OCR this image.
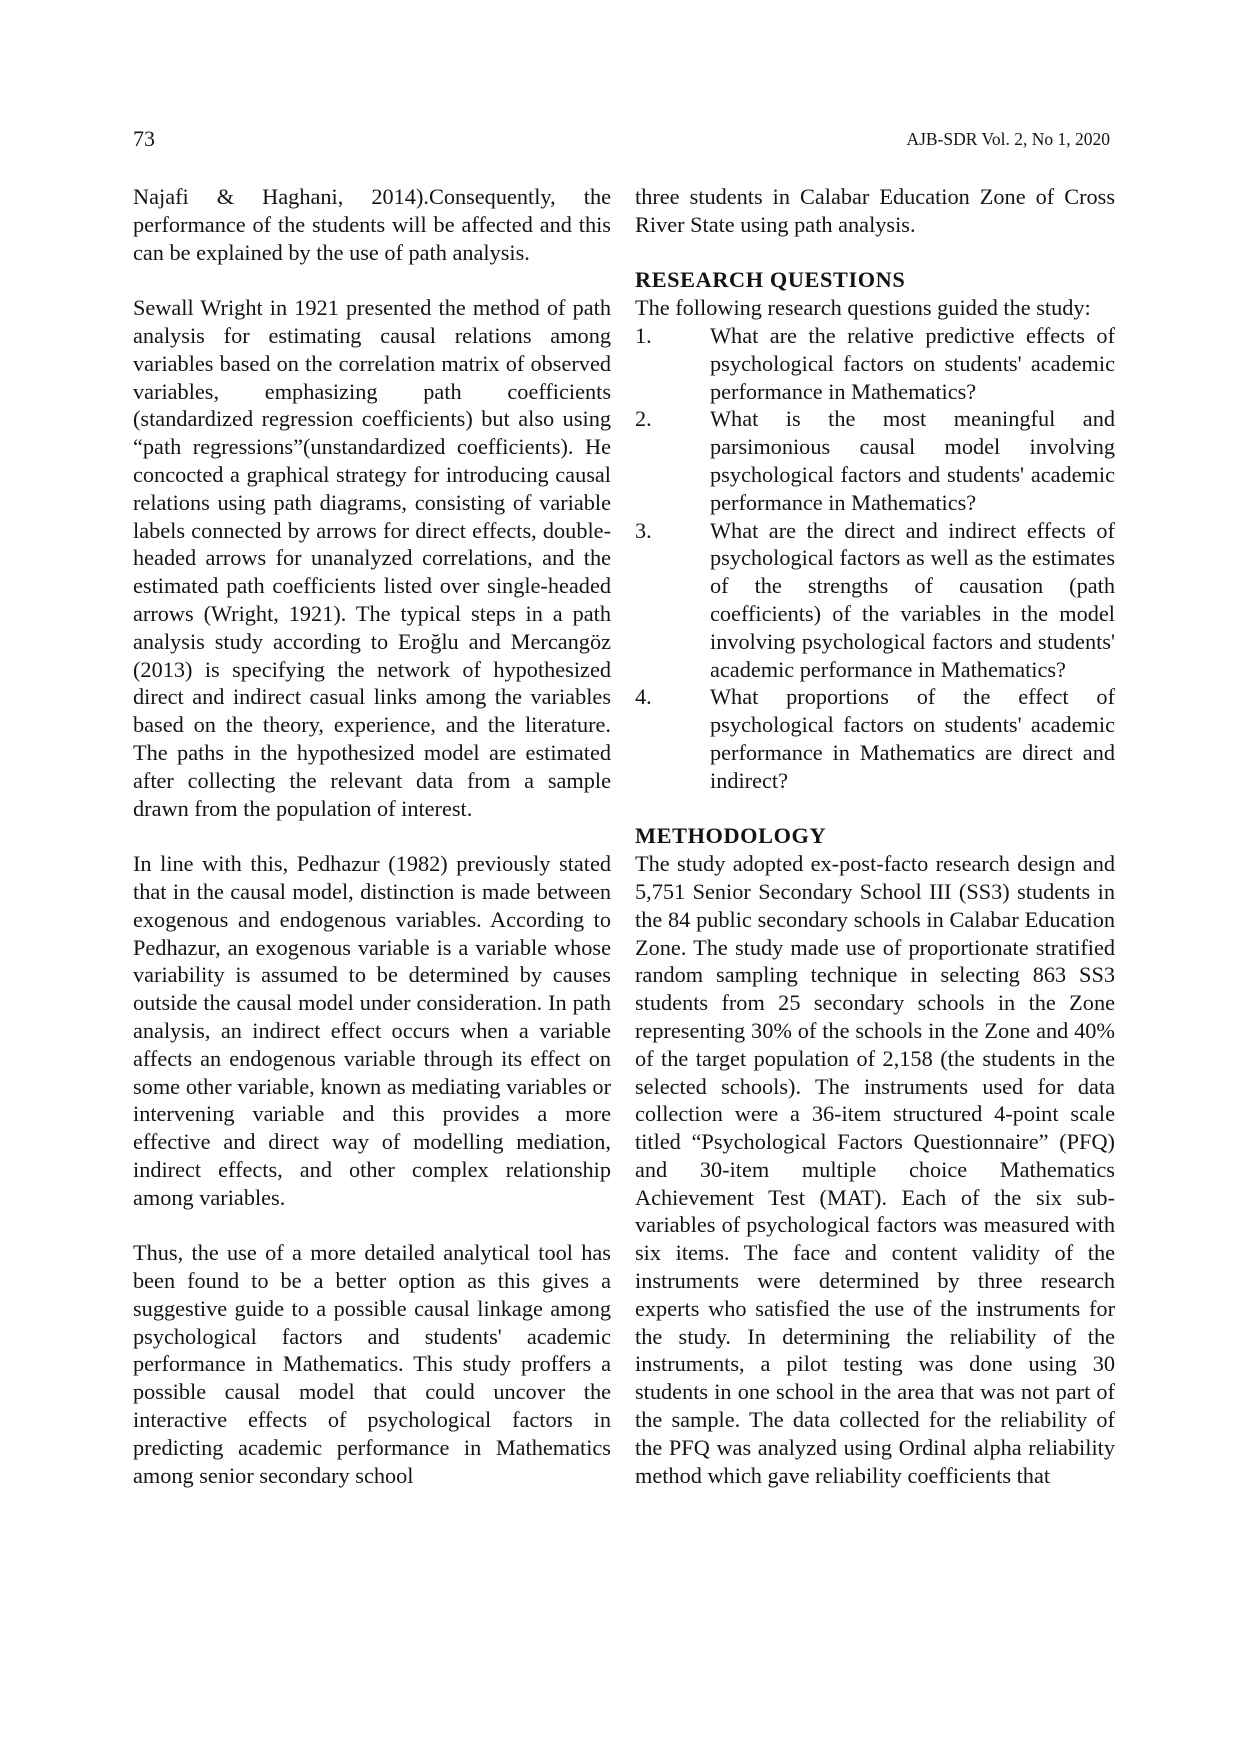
73	AJB-SDR Vol. 2, No 1, 2020

Najafi & Haghani, 2014).Consequently, the performance of the students will be affected and this can be explained by the use of path analysis.

Sewall Wright in 1921 presented the method of path analysis for estimating causal relations among variables based on the correlation matrix of observed variables, emphasizing path coefficients (standardized regression coefficients) but also using “path regressions”(unstandardized coefficients). He concocted a graphical strategy for introducing causal relations using path diagrams, consisting of variable labels connected by arrows for direct effects, double-headed arrows for unanalyzed correlations, and the estimated path coefficients listed over single-headed arrows (Wright, 1921). The typical steps in a path analysis study according to Eroğlu and Mercangöz (2013) is specifying the network of hypothesized direct and indirect casual links among the variables based on the theory, experience, and the literature. The paths in the hypothesized model are estimated after collecting the relevant data from a sample drawn from the population of interest.

In line with this, Pedhazur (1982) previously stated that in the causal model, distinction is made between exogenous and endogenous variables. According to Pedhazur, an exogenous variable is a variable whose variability is assumed to be determined by causes outside the causal model under consideration. In path analysis, an indirect effect occurs when a variable affects an endogenous variable through its effect on some other variable, known as mediating variables or intervening variable and this provides a more effective and direct way of modelling mediation, indirect effects, and other complex relationship among variables.

Thus, the use of a more detailed analytical tool has been found to be a better option as this gives a suggestive guide to a possible causal linkage among psychological factors and students' academic performance in Mathematics. This study proffers a possible causal model that could uncover the interactive effects of psychological factors in predicting academic performance in Mathematics among senior secondary school

three students in Calabar Education Zone of Cross River State using path analysis.

RESEARCH QUESTIONS

The following research questions guided the study:

1.	What are the relative predictive effects of psychological factors on students' academic performance in Mathematics?
2.	What is the most meaningful and parsimonious causal model involving psychological factors and students' academic performance in Mathematics?
3.	What are the direct and indirect effects of psychological factors as well as the estimates of the strengths of causation (path coefficients) of the variables in the model involving psychological factors and students' academic performance in Mathematics?
4.	What proportions of the effect of psychological factors on students' academic performance in Mathematics are direct and indirect?
METHODOLOGY

The study adopted ex-post-facto research design and 5,751 Senior Secondary School III (SS3) students in the 84 public secondary schools in Calabar Education Zone. The study made use of proportionate stratified random sampling technique in selecting 863 SS3 students from 25 secondary schools in the Zone representing 30% of the schools in the Zone and 40% of the target population of 2,158 (the students in the selected schools). The instruments used for data collection were a 36-item structured 4-point scale titled “Psychological Factors Questionnaire” (PFQ) and 30-item multiple choice Mathematics Achievement Test (MAT). Each of the six sub-variables of psychological factors was measured with six items. The face and content validity of the instruments were determined by three research experts who satisfied the use of the instruments for the study. In determining the reliability of the instruments, a pilot testing was done using 30 students in one school in the area that was not part of the sample. The data collected for the reliability of the PFQ was analyzed using Ordinal alpha reliability method which gave reliability coefficients that
